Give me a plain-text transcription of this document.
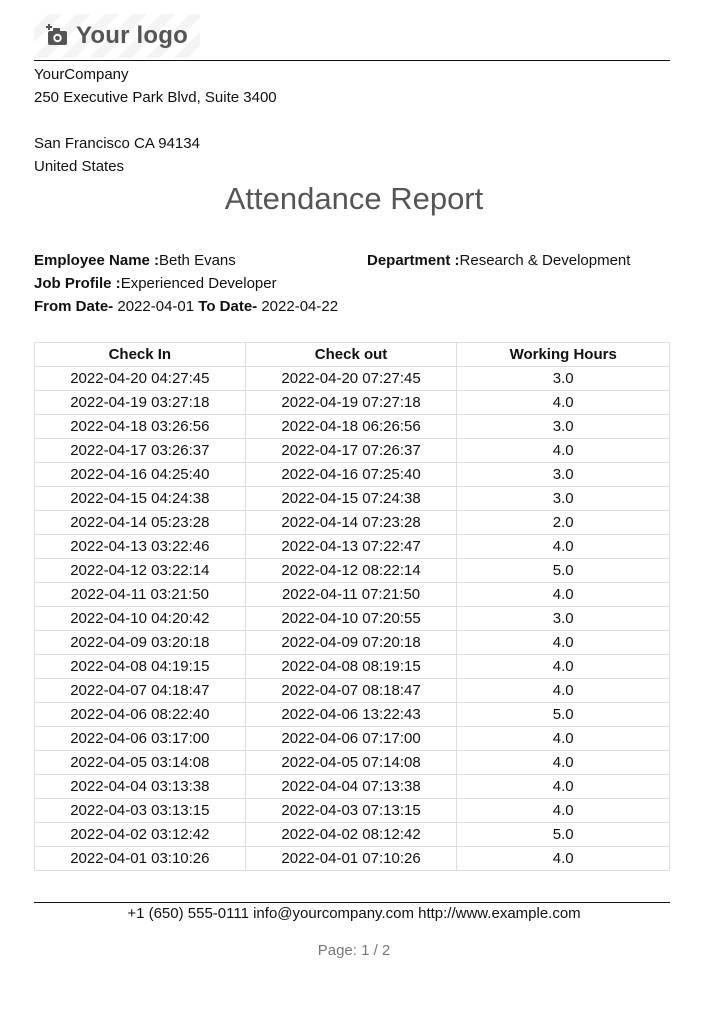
Your logo
YourCompany
250 Executive Park Blvd, Suite 3400
San Francisco CA 94134
United States
Attendance Report
Employee Name :Beth Evans	Department :Research & Development
Job Profile :Experienced Developer
From Date- 2022-04-01 To Date- 2022-04-22
Check In	Check out	Working Hours
2022-04-20 04:27:45	2022-04-20 07:27:45	3.0
2022-04-19 03:27:18	2022-04-19 07:27:18	4.0
2022-04-18 03:26:56	2022-04-18 06:26:56	3.0
2022-04-17 03:26:37	2022-04-17 07:26:37	4.0
2022-04-16 04:25:40	2022-04-16 07:25:40	3.0
2022-04-15 04:24:38	2022-04-15 07:24:38	3.0
2022-04-14 05:23:28	2022-04-14 07:23:28	2.0
2022-04-13 03:22:46	2022-04-13 07:22:47	4.0
2022-04-12 03:22:14	2022-04-12 08:22:14	5.0
2022-04-11 03:21:50	2022-04-11 07:21:50	4.0
2022-04-10 04:20:42	2022-04-10 07:20:55	3.0
2022-04-09 03:20:18	2022-04-09 07:20:18	4.0
2022-04-08 04:19:15	2022-04-08 08:19:15	4.0
2022-04-07 04:18:47	2022-04-07 08:18:47	4.0
2022-04-06 08:22:40	2022-04-06 13:22:43	5.0
2022-04-06 03:17:00	2022-04-06 07:17:00	4.0
2022-04-05 03:14:08	2022-04-05 07:14:08	4.0
2022-04-04 03:13:38	2022-04-04 07:13:38	4.0
2022-04-03 03:13:15	2022-04-03 07:13:15	4.0
2022-04-02 03:12:42	2022-04-02 08:12:42	5.0
2022-04-01 03:10:26	2022-04-01 07:10:26	4.0
+1 (650) 555-0111 info@yourcompany.com http://www.example.com
Page: 1 / 2
